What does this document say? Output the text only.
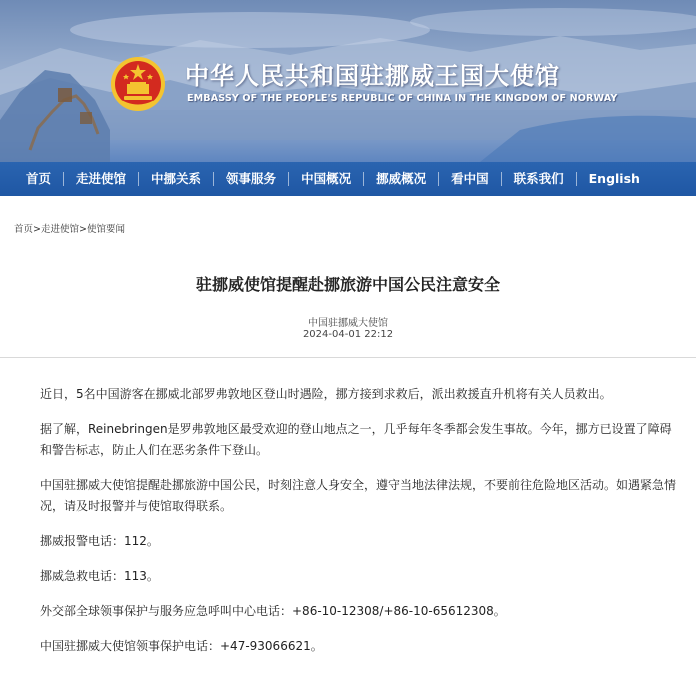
中华人民共和国驻挪威王国大使馆
EMBASSY OF THE PEOPLE'S REPUBLIC OF CHINA IN THE KINGDOM OF NORWAY
首页	走进使馆	中挪关系	领事服务	中国概况	挪威概况	看中国	联系我们	English
首页>走进使馆>使馆要闻
驻挪威使馆提醒赴挪旅游中国公民注意安全
中国驻挪威大使馆
2024-04-01 22:12

近日，5名中国游客在挪威北部罗弗敦地区登山时遇险，挪方接到求救后，派出救援直升机将有关人员救出。

据了解，Reinebringen是罗弗敦地区最受欢迎的登山地点之一，几乎每年冬季都会发生事故。今年，挪方已设置了障碍和警告标志，防止人们在恶劣条件下登山。

中国驻挪威大使馆提醒赴挪旅游中国公民，时刻注意人身安全，遵守当地法律法规，不要前往危险地区活动。如遇紧急情况，请及时报警并与使馆取得联系。

挪威报警电话：112。

挪威急救电话：113。

外交部全球领事保护与服务应急呼叫中心电话：+86-10-12308/+86-10-65612308。

中国驻挪威大使馆领事保护电话：+47-93066621。
